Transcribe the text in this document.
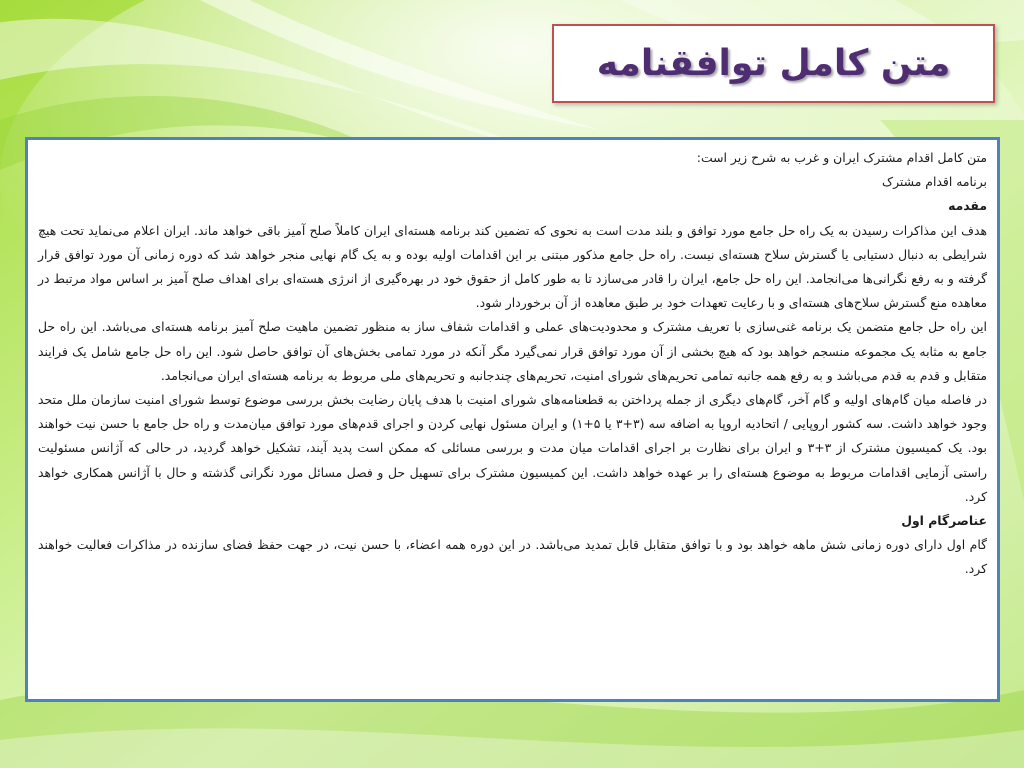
متن کامل توافقنامه

متن کامل اقدام مشترک ایران و غرب به شرح زیر است:

برنامه اقدام مشترک

مقدمه

هدف این مذاکرات رسیدن به یک راه حل جامع مورد توافق و بلند مدت است به نحوی که تضمین کند برنامه هسته‌ای ایران کاملاً صلح آمیز باقی خواهد ماند. ایران اعلام می‌نماید تحت هیچ شرایطی به دنبال دستیابی یا گسترش سلاح هسته‌ای نیست. راه حل جامع مذکور مبتنی بر این اقدامات اولیه بوده و به یک گام نهایی منجر خواهد شد که دوره زمانی آن مورد توافق قرار گرفته و به رفع نگرانی‌ها می‌انجامد. این راه حل جامع، ایران را قادر می‌سازد تا به طور کامل از حقوق خود در بهره‌گیری از انرژی هسته‌ای برای اهداف صلح آمیز بر اساس مواد مرتبط در معاهده منع گسترش سلاح‌های هسته‌ای و با رعایت تعهدات خود بر طبق معاهده از آن برخوردار شود.

این راه حل جامع متضمن یک برنامه غنی‌سازی با تعریف مشترک و محدودیت‌های عملی و اقدامات شفاف ساز به منظور تضمین ماهیت صلح آمیز برنامه هسته‌ای می‌باشد. این راه حل جامع به مثابه یک مجموعه منسجم خواهد بود که هیچ بخشی از آن مورد توافق قرار نمی‌گیرد مگر آنکه در مورد تمامی بخش‌های آن توافق حاصل شود. این راه حل جامع شامل یک فرایند متقابل و قدم به قدم می‌باشد و به رفع همه جانبه تمامی تحریم‌های شورای امنیت، تحریم‌های چندجانبه و تحریم‌های ملی مربوط به برنامه هسته‌ای ایران می‌انجامد.

در فاصله میان گام‌های اولیه و گام آخر، گام‌های دیگری از جمله پرداختن به قطعنامه‌های شورای امنیت با هدف پایان رضایت بخش بررسی موضوع توسط شورای امنیت سازمان ملل متحد وجود خواهد داشت. سه کشور اروپایی / اتحادیه اروپا به اضافه سه (۳+۳ یا ۵+۱) و ایران مسئول نهایی کردن و اجرای قدم‌های مورد توافق میان‌مدت و راه حل جامع با حسن نیت خواهند بود. یک کمیسیون مشترک از ۳+۳ و ایران برای نظارت بر اجرای اقدامات میان مدت و بررسی مسائلی که ممکن است پدید آیند، تشکیل خواهد گردید، در حالی که آژانس مسئولیت راستی آزمایی اقدامات مربوط به موضوع هسته‌ای را بر عهده خواهد داشت. این کمیسیون مشترک برای تسهیل حل و فصل مسائل مورد نگرانی گذشته و حال با آژانس همکاری خواهد کرد.

عناصرگام اول

گام اول دارای دوره زمانی شش ماهه خواهد بود و با توافق متقابل قابل تمدید می‌باشد. در این دوره همه اعضاء، با حسن نیت، در جهت حفظ فضای سازنده در مذاکرات فعالیت خواهند کرد.
